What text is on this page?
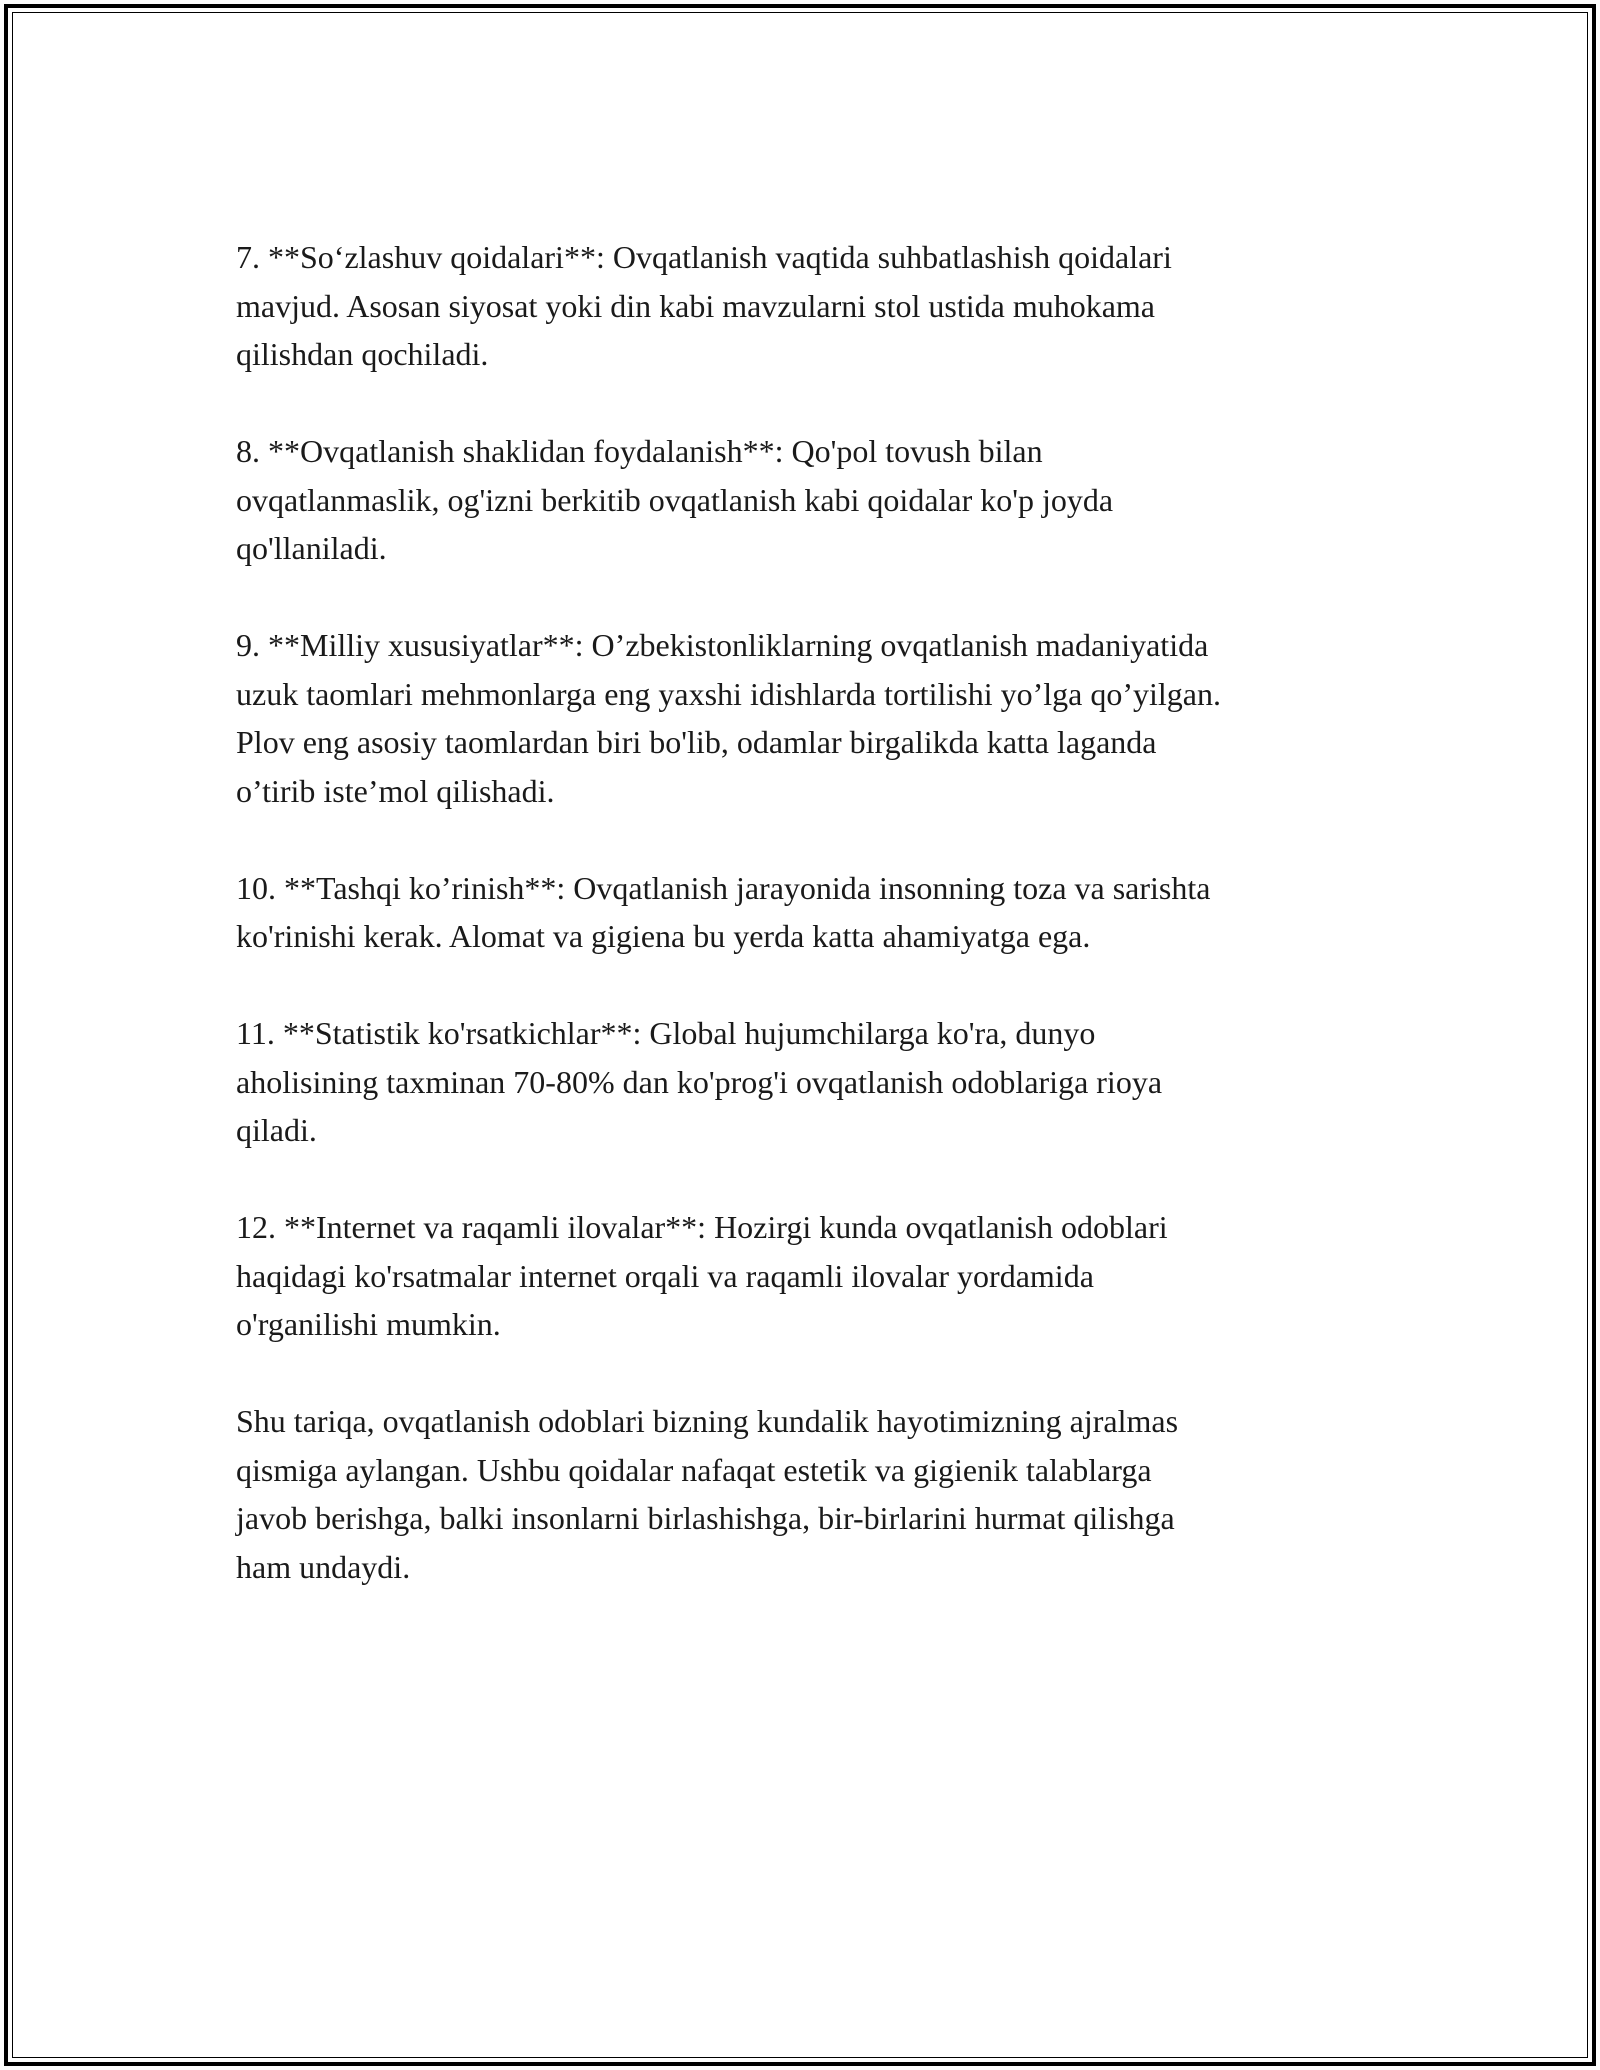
7. **So‘zlashuv qoidalari**: Ovqatlanish vaqtida suhbatlashish qoidalari
mavjud. Asosan siyosat yoki din kabi mavzularni stol ustida muhokama
qilishdan qochiladi.

8. **Ovqatlanish shaklidan foydalanish**: Qo'pol tovush bilan
ovqatlanmaslik, og'izni berkitib ovqatlanish kabi qoidalar ko'p joyda
qo'llaniladi.

9. **Milliy xususiyatlar**: O’zbekistonliklarning ovqatlanish madaniyatida
uzuk taomlari mehmonlarga eng yaxshi idishlarda tortilishi yo’lga qo’yilgan.
Plov eng asosiy taomlardan biri bo'lib, odamlar birgalikda katta laganda
o’tirib iste’mol qilishadi.

10. **Tashqi ko’rinish**: Ovqatlanish jarayonida insonning toza va sarishta
ko'rinishi kerak. Alomat va gigiena bu yerda katta ahamiyatga ega.

11. **Statistik ko'rsatkichlar**: Global hujumchilarga ko'ra, dunyo
aholisining taxminan 70-80% dan ko'prog'i ovqatlanish odoblariga rioya
qiladi.

12. **Internet va raqamli ilovalar**: Hozirgi kunda ovqatlanish odoblari
haqidagi ko'rsatmalar internet orqali va raqamli ilovalar yordamida
o'rganilishi mumkin.

Shu tariqa, ovqatlanish odoblari bizning kundalik hayotimizning ajralmas
qismiga aylangan. Ushbu qoidalar nafaqat estetik va gigienik talablarga
javob berishga, balki insonlarni birlashishga, bir-birlarini hurmat qilishga
ham undaydi.
